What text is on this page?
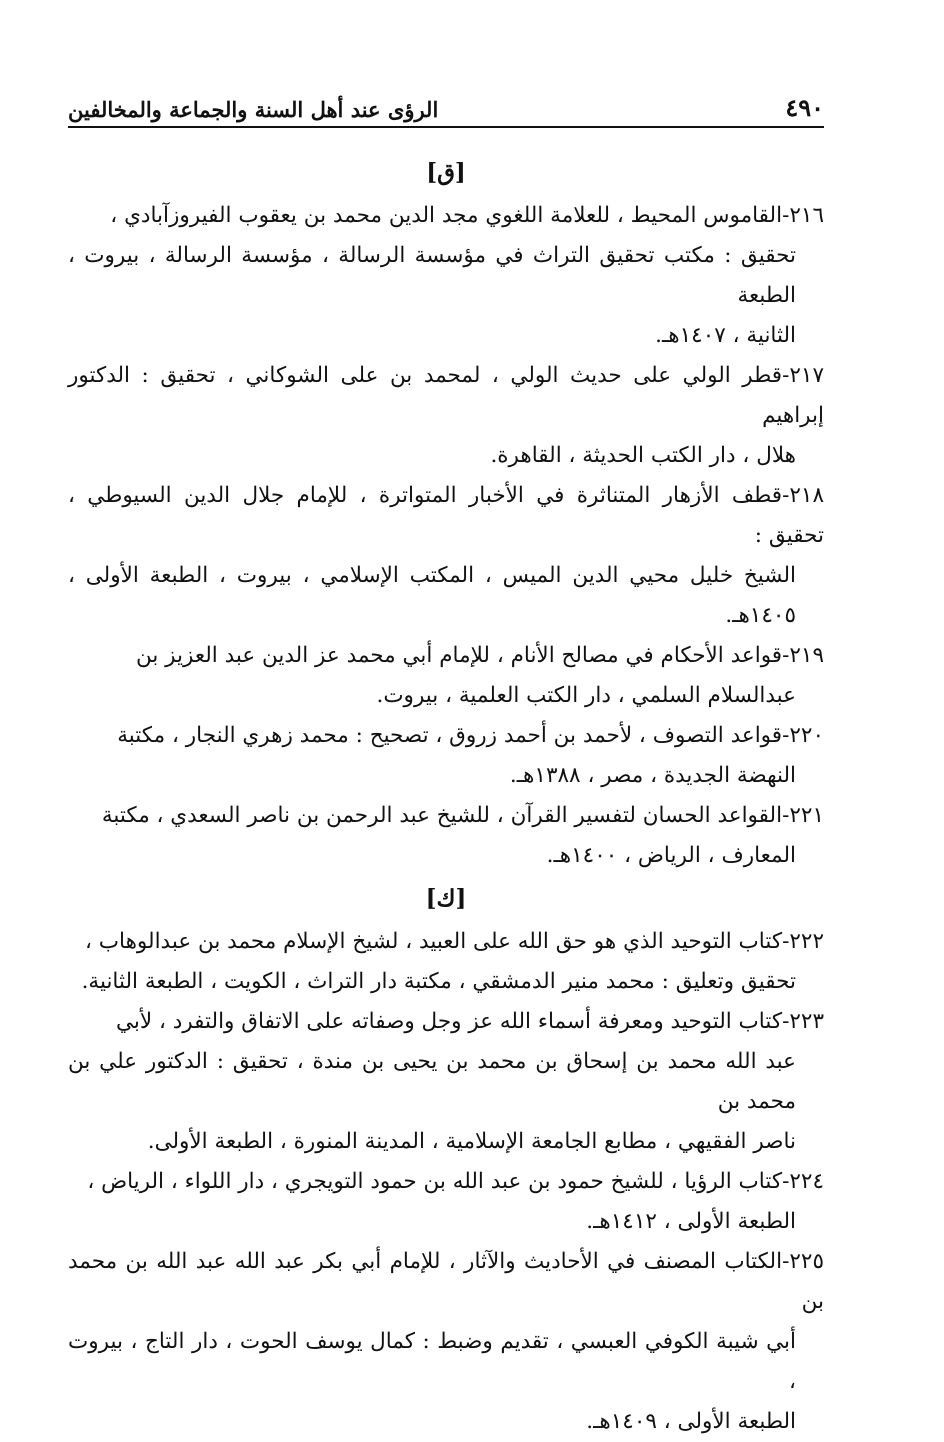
٤٩٠
الرؤى عند أهل السنة والجماعة والمخالفين
[ق]

٢١٦-القاموس المحيط ، للعلامة اللغوي مجد الدين محمد بن يعقوب الفيروزآبادي ،
تحقيق : مكتب تحقيق التراث في مؤسسة الرسالة ، مؤسسة الرسالة ، بيروت ، الطبعة
الثانية ، ١٤٠٧هـ.

٢١٧-قطر الولي على حديث الولي ، لمحمد بن على الشوكاني ، تحقيق : الدكتور إبراهيم
هلال ، دار الكتب الحديثة ، القاهرة.

٢١٨-قطف الأزهار المتناثرة في الأخبار المتواترة ، للإمام جلال الدين السيوطي ، تحقيق :
الشيخ خليل محيي الدين الميس ، المكتب الإسلامي ، بيروت ، الطبعة الأولى ، ١٤٠٥هـ.

٢١٩-قواعد الأحكام في مصالح الأنام ، للإمام أبي محمد عز الدين عبد العزيز بن
عبدالسلام السلمي ، دار الكتب العلمية ، بيروت.

٢٢٠-قواعد التصوف ، لأحمد بن أحمد زروق ، تصحيح : محمد زهري النجار ، مكتبة
النهضة الجديدة ، مصر ، ١٣٨٨هـ.

٢٢١-القواعد الحسان لتفسير القرآن ، للشيخ عبد الرحمن بن ناصر السعدي ، مكتبة
المعارف ، الرياض ، ١٤٠٠هـ.

[ك]

٢٢٢-كتاب التوحيد الذي هو حق الله على العبيد ، لشيخ الإسلام محمد بن عبدالوهاب ،
تحقيق وتعليق : محمد منير الدمشقي ، مكتبة دار التراث ، الكويت ، الطبعة الثانية.

٢٢٣-كتاب التوحيد ومعرفة أسماء الله عز وجل وصفاته على الاتفاق والتفرد ، لأبي
عبد الله محمد بن إسحاق بن محمد بن يحيى بن مندة ، تحقيق : الدكتور علي بن محمد بن
ناصر الفقيهي ، مطابع الجامعة الإسلامية ، المدينة المنورة ، الطبعة الأولى.

٢٢٤-كتاب الرؤيا ، للشيخ حمود بن عبد الله بن حمود التويجري ، دار اللواء ، الرياض ،
الطبعة الأولى ، ١٤١٢هـ.

٢٢٥-الكتاب المصنف في الأحاديث والآثار ، للإمام أبي بكر عبد الله عبد الله بن محمد بن
أبي شيبة الكوفي العبسي ، تقديم وضبط : كمال يوسف الحوت ، دار التاج ، بيروت ،
الطبعة الأولى ، ١٤٠٩هـ.
